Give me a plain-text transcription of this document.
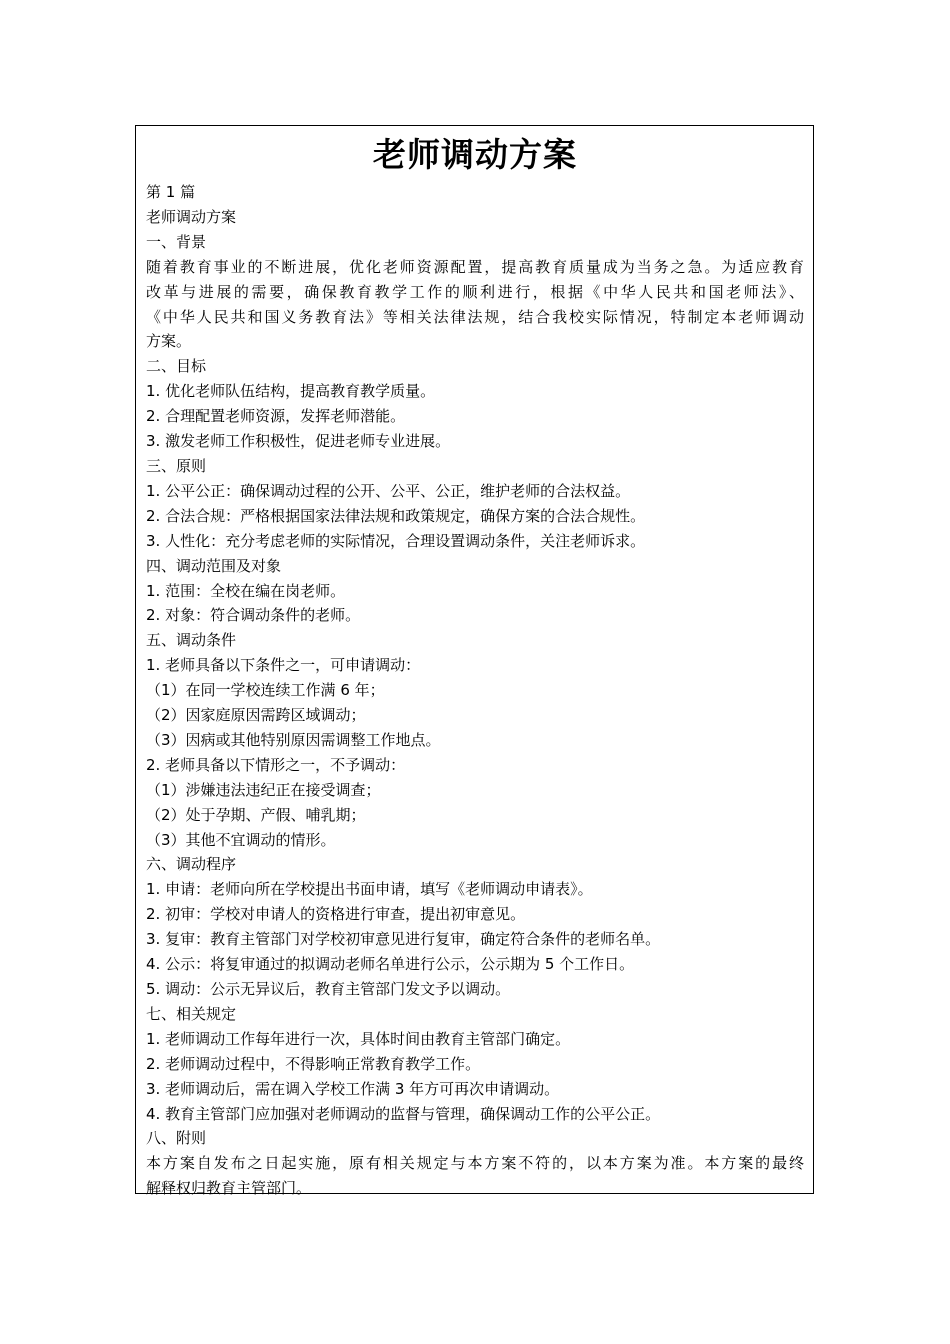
老师调动方案
第 1 篇
老师调动方案
一、背景
随着教育事业的不断进展，优化老师资源配置，提高教育质量成为当务之急。为适应教育
改革与进展的需要，确保教育教学工作的顺利进行，根据《中华人民共和国老师法》、
《中华人民共和国义务教育法》等相关法律法规，结合我校实际情况，特制定本老师调动
方案。
二、目标
1. 优化老师队伍结构，提高教育教学质量。
2. 合理配置老师资源，发挥老师潜能。
3. 激发老师工作积极性，促进老师专业进展。
三、原则
1. 公平公正：确保调动过程的公开、公平、公正，维护老师的合法权益。
2. 合法合规：严格根据国家法律法规和政策规定，确保方案的合法合规性。
3. 人性化：充分考虑老师的实际情况，合理设置调动条件，关注老师诉求。
四、调动范围及对象
1. 范围：全校在编在岗老师。
2. 对象：符合调动条件的老师。
五、调动条件
1. 老师具备以下条件之一，可申请调动：
（1）在同一学校连续工作满 6 年；
（2）因家庭原因需跨区域调动；
（3）因病或其他特别原因需调整工作地点。
2. 老师具备以下情形之一，不予调动：
（1）涉嫌违法违纪正在接受调查；
（2）处于孕期、产假、哺乳期；
（3）其他不宜调动的情形。
六、调动程序
1. 申请：老师向所在学校提出书面申请，填写《老师调动申请表》。
2. 初审：学校对申请人的资格进行审查，提出初审意见。
3. 复审：教育主管部门对学校初审意见进行复审，确定符合条件的老师名单。
4. 公示：将复审通过的拟调动老师名单进行公示，公示期为 5 个工作日。
5. 调动：公示无异议后，教育主管部门发文予以调动。
七、相关规定
1. 老师调动工作每年进行一次，具体时间由教育主管部门确定。
2. 老师调动过程中，不得影响正常教育教学工作。
3. 老师调动后，需在调入学校工作满 3 年方可再次申请调动。
4. 教育主管部门应加强对老师调动的监督与管理，确保调动工作的公平公正。
八、附则
本方案自发布之日起实施，原有相关规定与本方案不符的，以本方案为准。本方案的最终
解释权归教育主管部门。
